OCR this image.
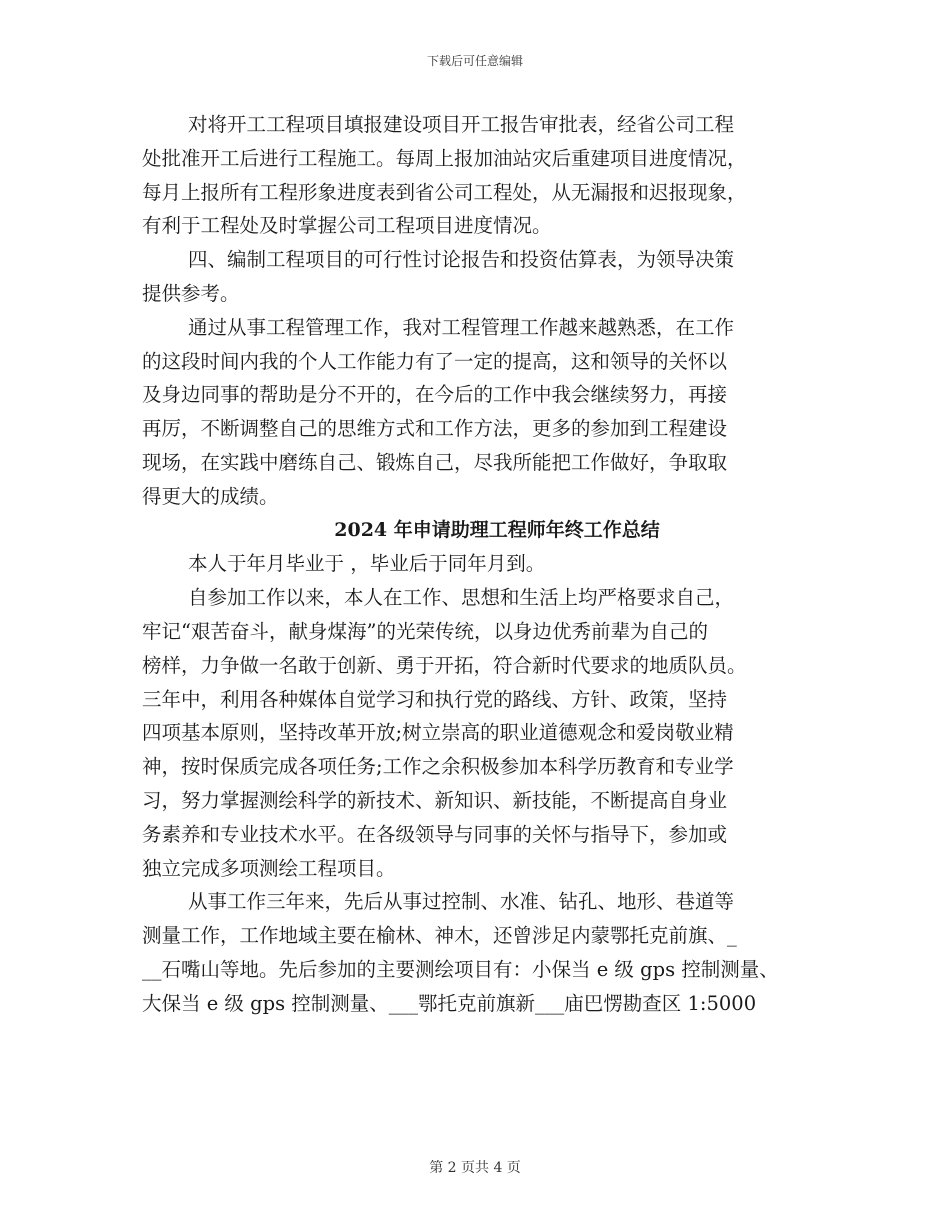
下载后可任意编辑
对将开工工程项目填报建设项目开工报告审批表，经省公司工程
处批准开工后进行工程施工。每周上报加油站灾后重建项目进度情况，
每月上报所有工程形象进度表到省公司工程处，从无漏报和迟报现象，
有利于工程处及时掌握公司工程项目进度情况。
四、编制工程项目的可行性讨论报告和投资估算表，为领导决策
提供参考。
通过从事工程管理工作，我对工程管理工作越来越熟悉，在工作
的这段时间内我的个人工作能力有了一定的提高，这和领导的关怀以
及身边同事的帮助是分不开的，在今后的工作中我会继续努力，再接
再厉，不断调整自己的思维方式和工作方法，更多的参加到工程建设
现场，在实践中磨练自己、锻炼自己，尽我所能把工作做好，争取取
得更大的成绩。
2024 年申请助理工程师年终工作总结
本人于年月毕业于 ，毕业后于同年月到。
自参加工作以来，本人在工作、思想和生活上均严格要求自己，
牢记“艰苦奋斗，献身煤海”的光荣传统，以身边优秀前辈为自己的
榜样，力争做一名敢于创新、勇于开拓，符合新时代要求的地质队员。
三年中，利用各种媒体自觉学习和执行党的路线、方针、政策，坚持
四项基本原则，坚持改革开放;树立崇高的职业道德观念和爱岗敬业精
神，按时保质完成各项任务;工作之余积极参加本科学历教育和专业学
习，努力掌握测绘科学的新技术、新知识、新技能，不断提高自身业
务素养和专业技术水平。在各级领导与同事的关怀与指导下，参加或
独立完成多项测绘工程项目。
从事工作三年来，先后从事过控制、水准、钻孔、地形、巷道等
测量工作，工作地域主要在榆林、神木，还曾涉足内蒙鄂托克前旗、_
__石嘴山等地。先后参加的主要测绘项目有：小保当 e 级 gps 控制测量、
大保当 e 级 gps 控制测量、___鄂托克前旗新___庙巴愣勘查区 1:5000
第 2 页共 4 页
